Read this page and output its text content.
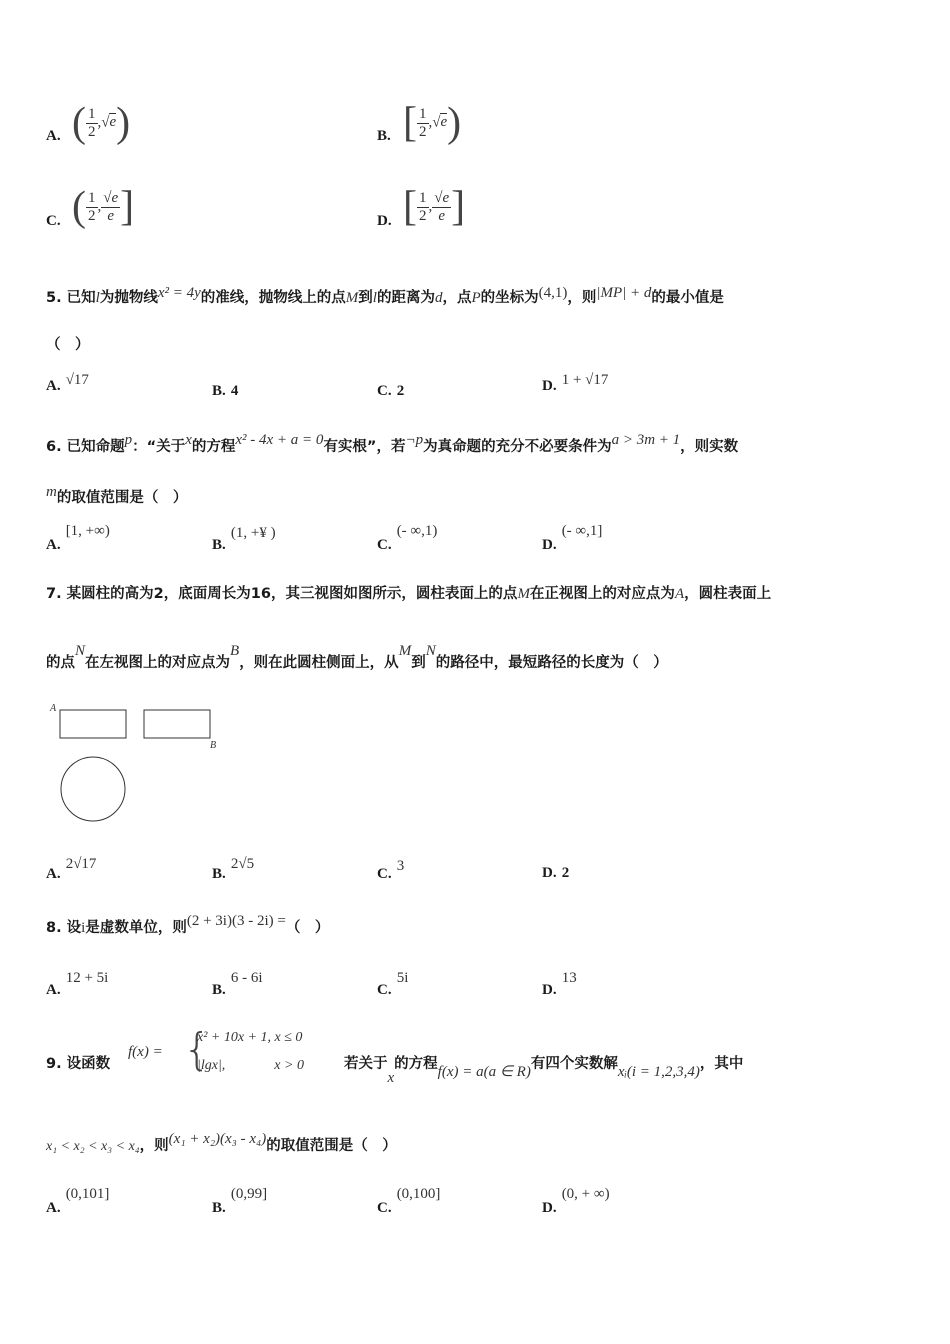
A. ( $\frac{1}{2} ,√e$)	B. [ $\frac{1}{2} ,√e$)
C. ( $\frac{1}{2}$ , $\frac{√e}{e}$ ]	D. [ $\frac{1}{2}$ , $\frac{√e}{e}$ ]
5. 已知l为抛物线x² = 4y的准线，抛物线上的点M到l的距离为d，点P的坐标为(4,1)，则|MP| + d的最小值是
（　）
A. √17
B. 4	C. 2	D. 1 + √17
6. 已知命题p：“关于x的方程x² - 4x + a = 0有实根”，若¬p为真命题的充分不必要条件为a > 3m + 1，则实数
m的取值范围是（　）
A. [1, +∞)
B. (1, +¥ )
C. (- ∞,1)
D. (- ∞,1]
7. 某圆柱的高为2，底面周长为16，其三视图如图所示，圆柱表面上的点M在正视图上的对应点为A，圆柱表面上
的点N在左视图上的对应点为B，则在此圆柱侧面上，从M到N的路径中，最短路径的长度为（　）
A
B
A. 2√17
B. 2√5
C. 3	D. 2
8. 设i是虚数单位，则(2 + 3i)(3 - 2i) =（　）
A. 12 + 5i
B. 6 - 6i
C. 5i
D. 13
9. 设函数
f(x) = {
x² + 10x + 1, x ≤ 0
|lgx|,              x > 0	若关于x的方程f(x) = a(a ∈ R)有四个实数解xᵢ(i = 1,2,3,4)，其中
x₁ < x₂ < x₃ < x₄，则(x₁ + x₂)(x₃ - x₄)的取值范围是（　）
A. (0,101]
B. (0,99]
C. (0,100]
D. (0, + ∞)
